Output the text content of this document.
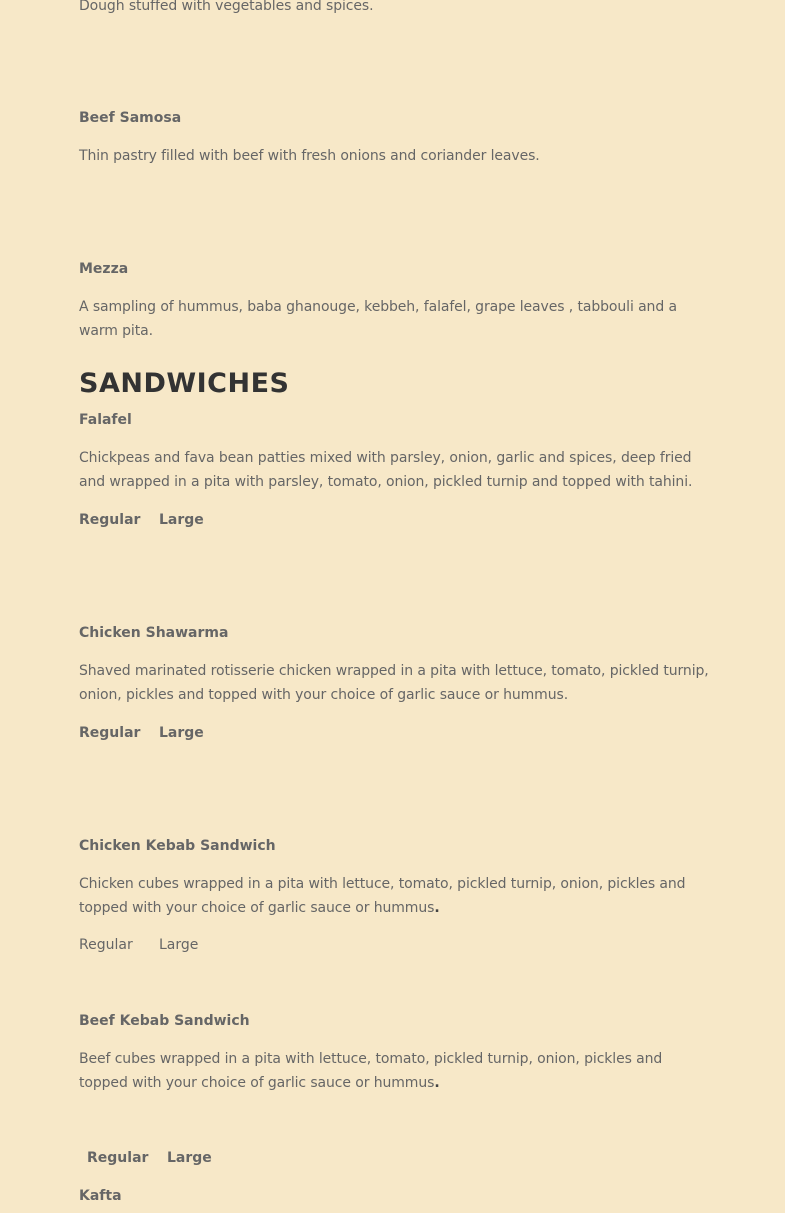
Dough stuffed with vegetables and spices.

Beef Samosa

Thin pastry filled with beef with fresh onions and coriander leaves.

Mezza

A sampling of hummus, baba ghanouge, kebbeh, falafel, grape leaves , tabbouli and a warm pita.

SANDWICHES

Falafel

Chickpeas and fava bean patties mixed with parsley, onion, garlic and spices, deep fried and wrapped in a pita with parsley, tomato, onion, pickled turnip and topped with tahini.

Regular Large

Chicken Shawarma

Shaved marinated rotisserie chicken wrapped in a pita with lettuce, tomato, pickled turnip, onion, pickles and topped with your choice of garlic sauce or hummus.

Regular Large

Chicken Kebab Sandwich

Chicken cubes wrapped in a pita with lettuce, tomato, pickled turnip, onion, pickles and topped with your choice of garlic sauce or hummus.

Regular Large

Beef Kebab Sandwich

Beef cubes wrapped in a pita with lettuce, tomato, pickled turnip, onion, pickles and topped with your choice of garlic sauce or hummus.

Regular Large

Kafta
